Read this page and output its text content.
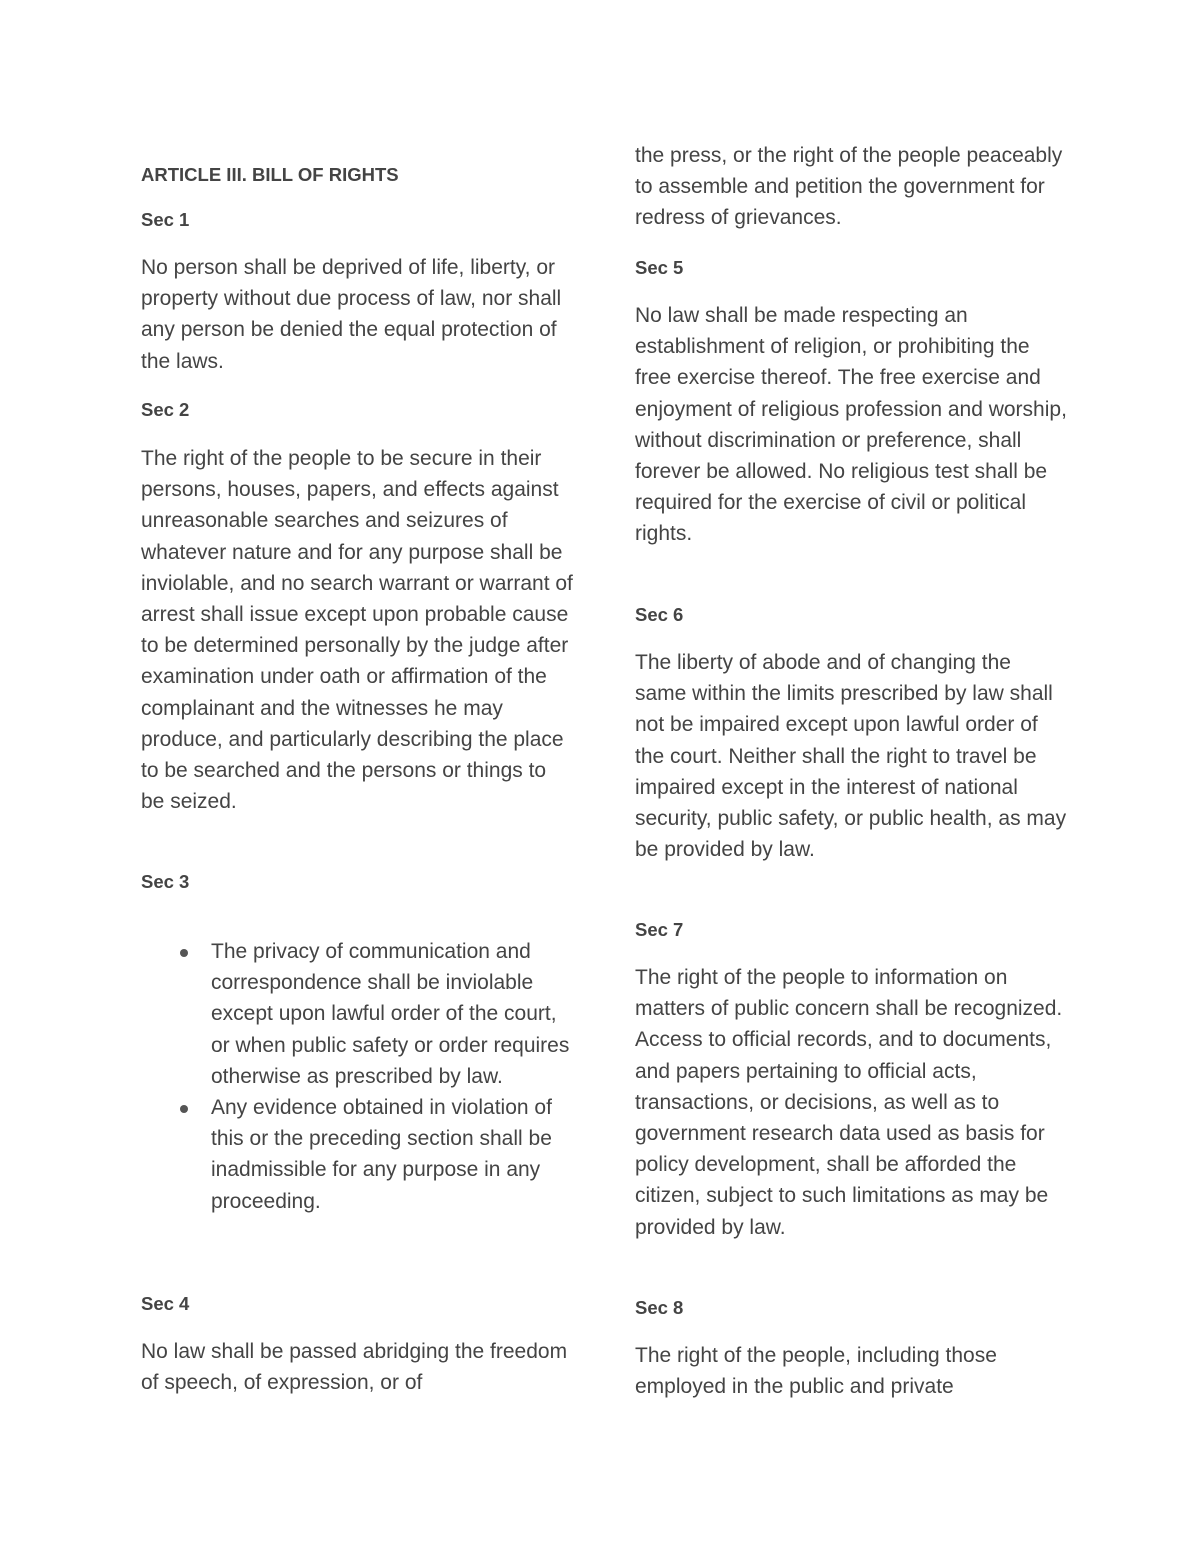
ARTICLE III. BILL OF RIGHTS
Sec 1

No person shall be deprived of life, liberty, or property without due process of law, nor shall any person be denied the equal protection of the laws.

Sec 2

The right of the people to be secure in their persons, houses, papers, and effects against unreasonable searches and seizures of whatever nature and for any purpose shall be inviolable, and no search warrant or warrant of arrest shall issue except upon probable cause to be determined personally by the judge after examination under oath or affirmation of the complainant and the witnesses he may produce, and particularly describing the place to be searched and the persons or things to be seized.

Sec 3
The privacy of communication and correspondence shall be inviolable except upon lawful order of the court, or when public safety or order requires otherwise as prescribed by law.
Any evidence obtained in violation of this or the preceding section shall be inadmissible for any purpose in any proceeding.
Sec 4

No law shall be passed abridging the freedom of speech, of expression, or of

the press, or the right of the people peaceably to assemble and petition the government for redress of grievances.

Sec 5

No law shall be made respecting an establishment of religion, or prohibiting the free exercise thereof. The free exercise and enjoyment of religious profession and worship, without discrimination or preference, shall forever be allowed. No religious test shall be required for the exercise of civil or political rights.

Sec 6

The liberty of abode and of changing the same within the limits prescribed by law shall not be impaired except upon lawful order of the court. Neither shall the right to travel be impaired except in the interest of national security, public safety, or public health, as may be provided by law.

Sec 7

The right of the people to information on matters of public concern shall be recognized. Access to official records, and to documents, and papers pertaining to official acts, transactions, or decisions, as well as to government research data used as basis for policy development, shall be afforded the citizen, subject to such limitations as may be provided by law.

Sec 8

The right of the people, including those employed in the public and private
